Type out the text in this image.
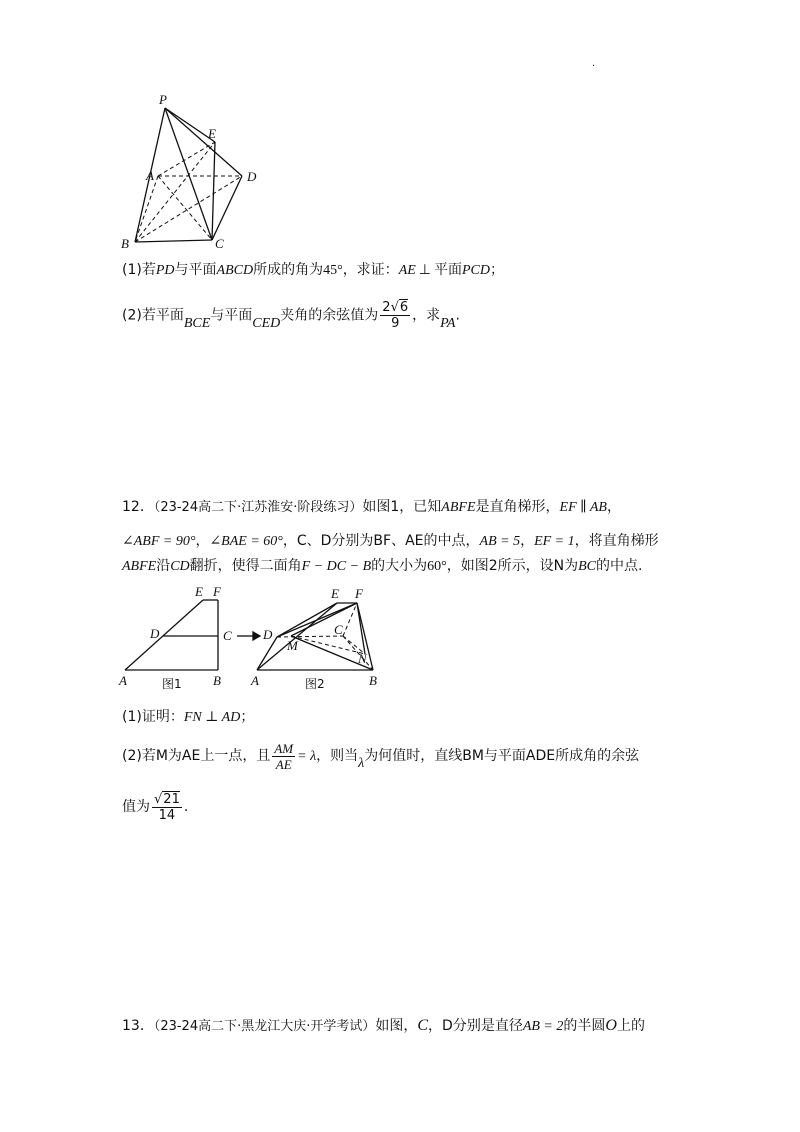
.
P
E
A	D
B	C
(1)若PD与平面ABCD所成的角为45°，求证：AE ⊥ 平面PCD；
(2)若平面BCE与平面CED夹角的余弦值为 $\frac{2√6}{9}$ ，求PA.
12．（23-24高二下·江苏淮安·阶段练习）如图1，已知ABFE是直角梯形，EF ∥ AB，
∠ABF = 90°，∠BAE = 60°，C、D分别为BF、AE的中点，AB = 5，EF = 1，将直角梯形
ABFE沿CD翻折，使得二面角F − DC − B的大小为60°，如图2所示，设N为BC的中点.
E F
D	C
A	B
图1
E F
D	C
M
N
A	B
图2
(1)证明：FN ⊥ AD；
(2)若M为AE上一点，且 $\frac{AM}{AE} = \lambda$，则当λ为何值时，直线BM与平面ADE所成角的余弦
值为 $\frac{√21}{14}$ .
13．（23-24高二下·黑龙江大庆·开学考试）如图，C，D分别是直径AB = 2的半圆O上的
